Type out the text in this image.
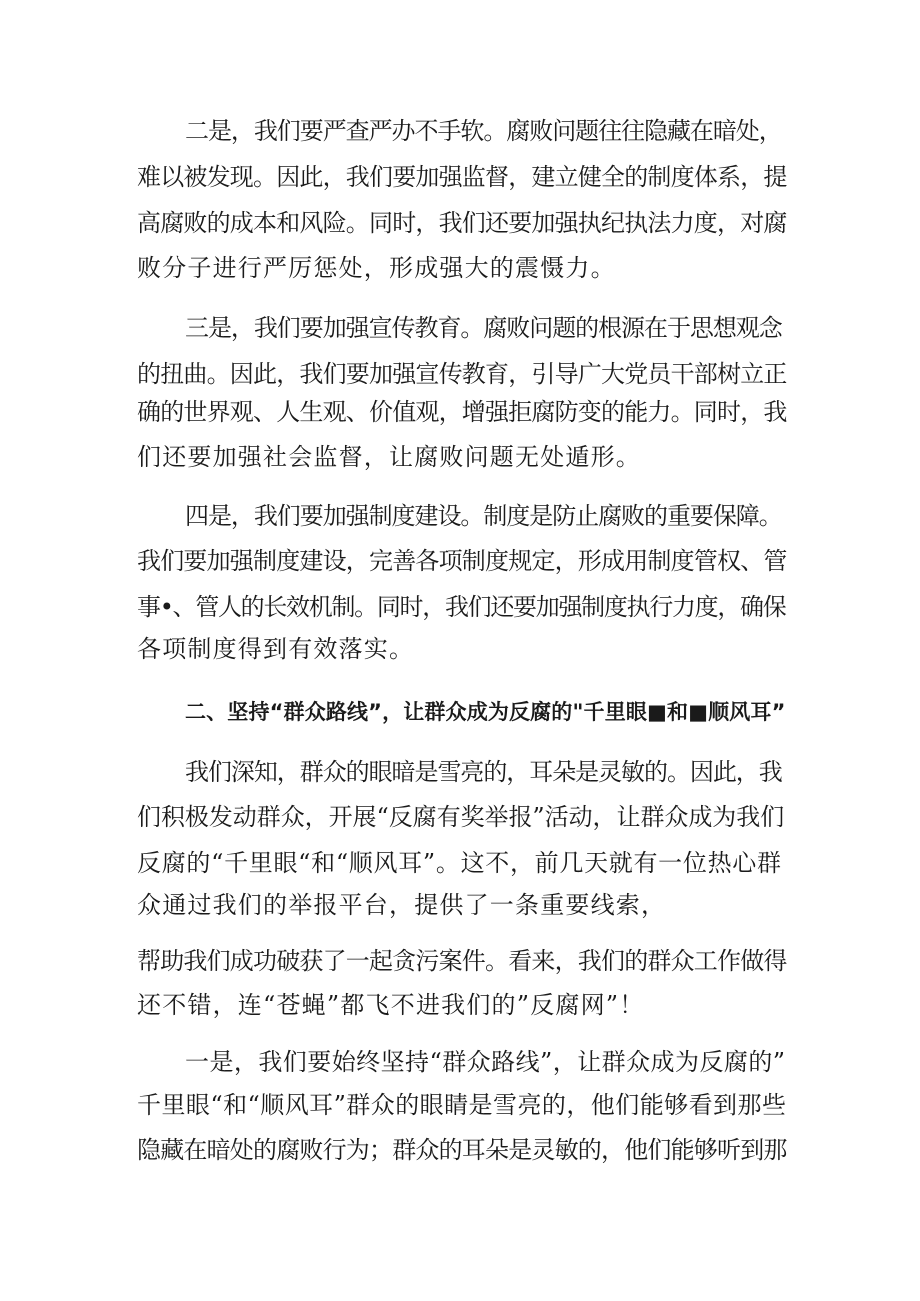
二是，我们要严查严办不手软。腐败问题往往隐藏在暗处，
难以被发现。因此，我们要加强监督，建立健全的制度体系，提
高腐败的成本和风险。同时，我们还要加强执纪执法力度，对腐
败分子进行严厉惩处，形成强大的震慑力。
三是，我们要加强宣传教育。腐败问题的根源在于思想观念
的扭曲。因此，我们要加强宣传教育，引导广大党员干部树立正
确的世界观、人生观、价值观，增强拒腐防变的能力。同时，我
们还要加强社会监督，让腐败问题无处遁形。
四是，我们要加强制度建设。制度是防止腐败的重要保障。
我们要加强制度建设，完善各项制度规定，形成用制度管权、管
事•、管人的长效机制。同时，我们还要加强制度执行力度，确保
各项制度得到有效落实。
二、坚持“群众路线”，让群众成为反腐的"千里眼■和■顺风耳”
我们深知，群众的眼暗是雪亮的，耳朵是灵敏的。因此，我
们积极发动群众，开展“反腐有奖举报”活动，让群众成为我们
反腐的“千里眼“和“顺风耳”。这不，前几天就有一位热心群
众通过我们的举报平台，提供了一条重要线索，
帮助我们成功破获了一起贪污案件。看来，我们的群众工作做得
还不错，连“苍蝇”都飞不进我们的”反腐网”！
一是，我们要始终坚持“群众路线”，让群众成为反腐的”
千里眼“和“顺风耳”群众的眼睛是雪亮的，他们能够看到那些
隐藏在暗处的腐败行为；群众的耳朵是灵敏的，他们能够听到那
